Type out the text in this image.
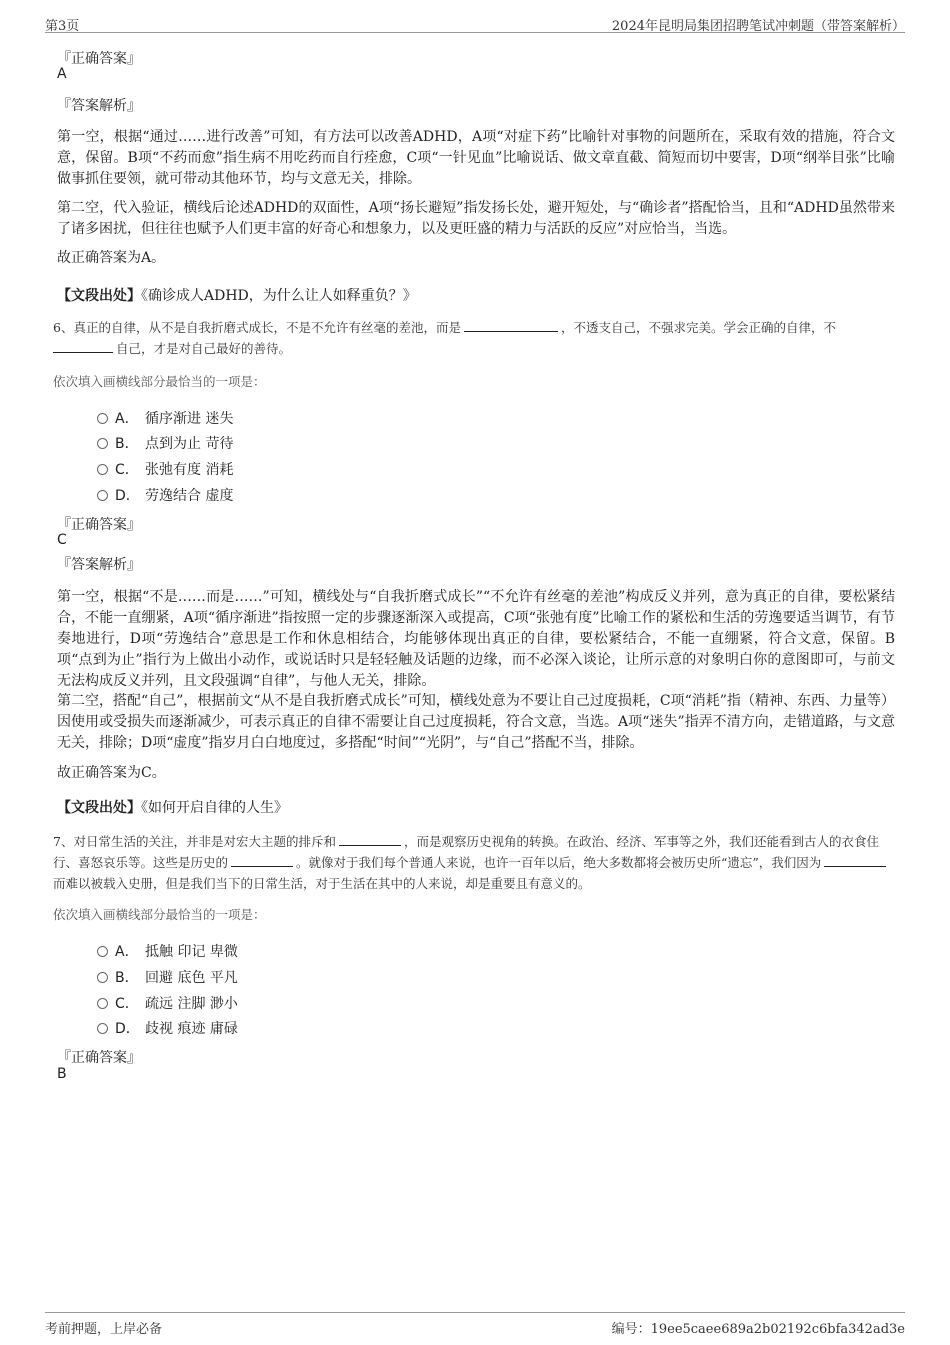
第3页	2024年昆明局集团招聘笔试冲刺题（带答案解析）
『正确答案』
A
『答案解析』
第一空，根据“通过……进行改善”可知，有方法可以改善ADHD，A项“对症下药”比喻针对事物的问题所在，采取有效的措施，符合文意，保留。B项“不药而愈”指生病不用吃药而自行痊愈，C项“一针见血”比喻说话、做文章直截、简短而切中要害，D项“纲举目张”比喻做事抓住要领，就可带动其他环节，均与文意无关，排除。
第二空，代入验证，横线后论述ADHD的双面性，A项“扬长避短”指发扬长处，避开短处，与“确诊者”搭配恰当，且和“ADHD虽然带来了诸多困扰，但往往也赋予人们更丰富的好奇心和想象力，以及更旺盛的精力与活跃的反应”对应恰当，当选。
故正确答案为A。
【文段出处】《确诊成人ADHD，为什么让人如释重负？》
6、真正的自律，从不是自我折磨式成长，不是不允许有丝毫的差池，而是	，不透支自己，不强求完美。学会正确的自律，不
自己，才是对自己最好的善待。
依次填入画横线部分最恰当的一项是：
A． 循序渐进 迷失
B． 点到为止 苛待
C． 张弛有度 消耗
D． 劳逸结合 虚度
『正确答案』
C
『答案解析』
第一空，根据“不是……而是……”可知，横线处与“自我折磨式成长”“不允许有丝毫的差池”构成反义并列，意为真正的自律，要松紧结合，不能一直绷紧，A项“循序渐进”指按照一定的步骤逐渐深入或提高，C项“张弛有度”比喻工作的紧松和生活的劳逸要适当调节，有节奏地进行，D项“劳逸结合”意思是工作和休息相结合，均能够体现出真正的自律，要松紧结合，不能一直绷紧，符合文意，保留。B项“点到为止”指行为上做出小动作，或说话时只是轻轻触及话题的边缘，而不必深入谈论，让所示意的对象明白你的意图即可，与前文无法构成反义并列，且文段强调“自律”，与他人无关，排除。
第二空，搭配“自己”，根据前文“从不是自我折磨式成长”可知，横线处意为不要让自己过度损耗，C项“消耗”指（精神、东西、力量等）因使用或受损失而逐渐减少，可表示真正的自律不需要让自己过度损耗，符合文意，当选。A项“迷失”指弄不清方向，走错道路，与文意无关，排除；D项“虚度”指岁月白白地度过，多搭配“时间”“光阴”，与“自己”搭配不当，排除。
故正确答案为C。
【文段出处】《如何开启自律的人生》
7、对日常生活的关注，并非是对宏大主题的排斥和	，而是观察历史视角的转换。在政治、经济、军事等之外，我们还能看到古人的衣食住行、喜怒哀乐等。这些是历史的	。就像对于我们每个普通人来说，也许一百年以后，绝大多数都将会被历史所“遗忘”，我们因为而难以被载入史册，但是我们当下的日常生活，对于生活在其中的人来说，却是重要且有意义的。
依次填入画横线部分最恰当的一项是：
A． 抵触 印记 卑微
B． 回避 底色 平凡
C． 疏远 注脚 渺小
D． 歧视 痕迹 庸碌
『正确答案』
B
考前押题，上岸必备	编号：19ee5caee689a2b02192c6bfa342ad3e
